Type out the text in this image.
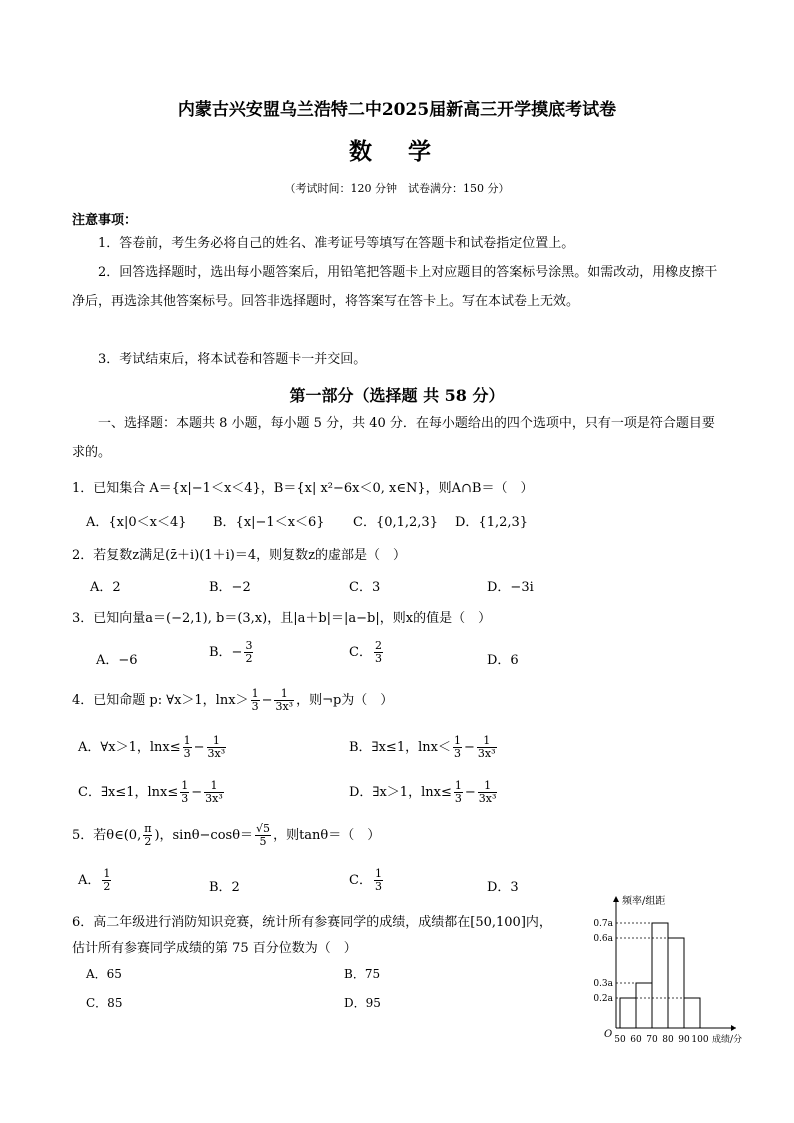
内蒙古兴安盟乌兰浩特二中2025届新高三开学摸底考试卷
数 学
（考试时间：120 分钟　试卷满分：150 分）
注意事项：
1．答卷前，考生务必将自己的姓名、准考证号等填写在答题卡和试卷指定位置上。
2．回答选择题时，选出每小题答案后，用铅笔把答题卡上对应题目的答案标号涂黑。如需改动，用橡皮擦干净后，再选涂其他答案标号。回答非选择题时，将答案写在答卡上。写在本试卷上无效。
3．考试结束后，将本试卷和答题卡一并交回。
第一部分（选择题 共 58 分）
一、选择题：本题共 8 小题，每小题 5 分，共 40 分．在每小题给出的四个选项中，只有一项是符合题目要求的。
1．已知集合 A＝{x|−1＜x＜4}，B＝{x| x²−6x＜0, x∈N}，则A∩B＝（　）
A．{x|0＜x＜4} B．{x|−1＜x＜6} C．{0,1,2,3} D．{1,2,3}
2．若复数z满足(z̄＋i)(1＋i)＝4，则复数z的虚部是（　）
A．2	B．−2	C．3	D．−3i
3．已知向量a＝(−2,1), b＝(3,x)，且|a＋b|＝|a−b|，则x的值是（　）
A．−6
B．− $\frac{3}{2}$	C． $\frac{2}{3}$	D．6
4．已知命题 p: ∀x＞1，$\ln x> \frac{1}{3} - \frac{1}{\text{3x³}}$ ，则¬p为（　）
A．∀x＞1，$\ln x\le \frac{1}{3} - \frac{1}{\text{3x³}}$	B．∃x≤1，$\ln x< \frac{1}{3} - \frac{1}{\text{3x³}}$
C．∃x≤1，$\ln x\le \frac{1}{3} - \frac{1}{\text{3x³}}$	D．∃x＞1，$\ln x\le \frac{1}{3} - \frac{1}{\text{3x³}}$
5．若θ∈(0, $\frac{\pi}{2}$ )，$\sin\theta-\cos\theta= \frac{√5}{5}$ ，则tanθ＝（　）
A． $\frac{1}{2}$	B．2	C． $\frac{1}{3}$	D．3
6．高二年级进行消防知识竞赛，统计所有参赛同学的成绩，成绩都在[50,100]内，
估计所有参赛同学成绩的第 75 百分位数为（　）
A．65	B．75
C．85	D．95
0.7a
0.6a
0.3a
0.2a
50 60 70 80 90 100
O
频率/组距
成绩/分
